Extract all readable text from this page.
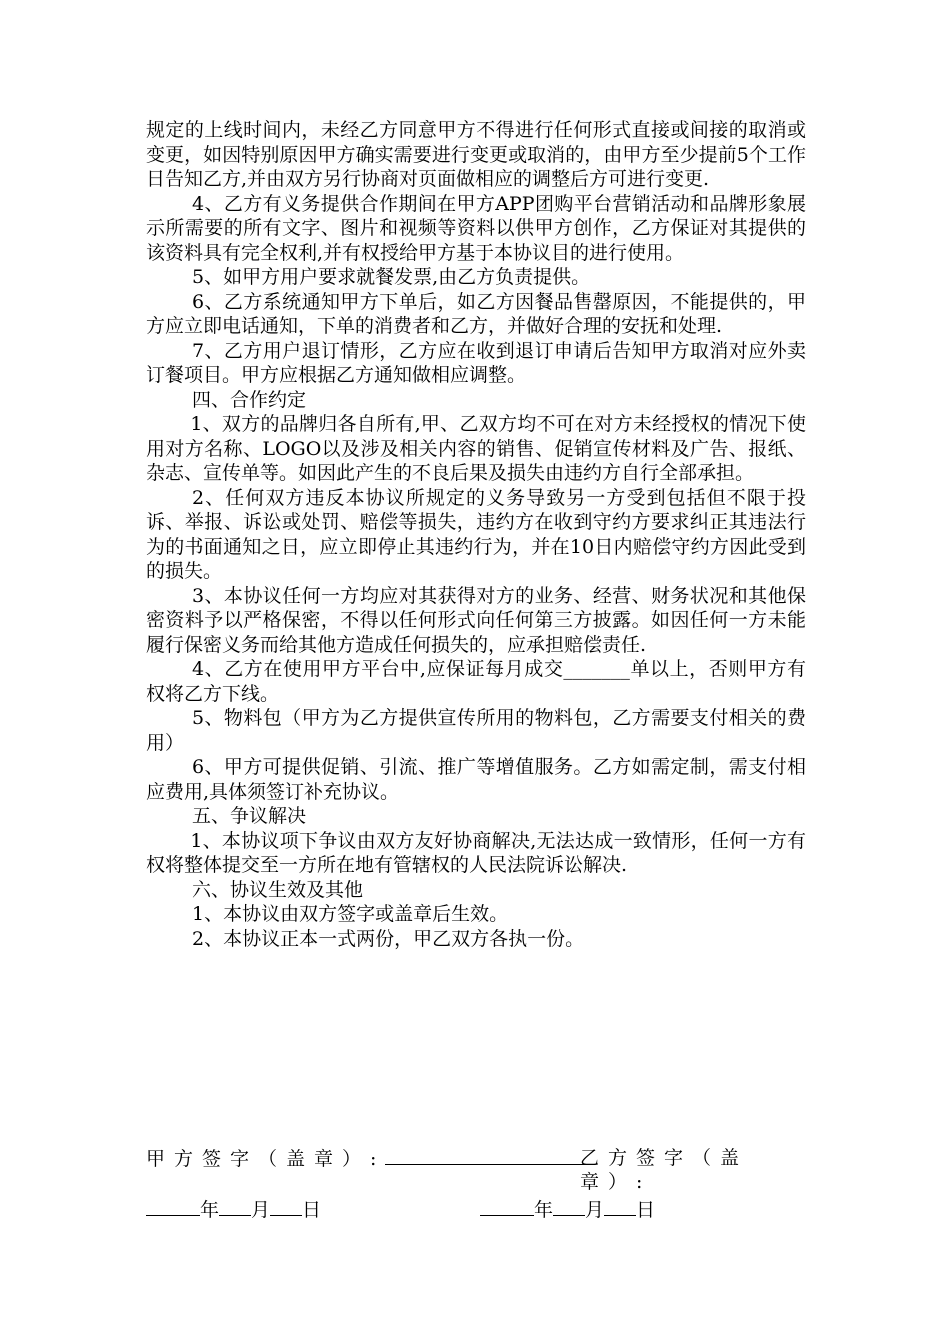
规定的上线时间内，未经乙方同意甲方不得进行任何形式直接或间接的取消或变更，如因特别原因甲方确实需要进行变更或取消的，由甲方至少提前5个工作日告知乙方,并由双方另行协商对页面做相应的调整后方可进行变更.

4、乙方有义务提供合作期间在甲方APP团购平台营销活动和品牌形象展示所需要的所有文字、图片和视频等资料以供甲方创作，乙方保证对其提供的该资料具有完全权利,并有权授给甲方基于本协议目的进行使用。

5、如甲方用户要求就餐发票,由乙方负责提供。

6、乙方系统通知甲方下单后，如乙方因餐品售罄原因，不能提供的，甲方应立即电话通知，下单的消费者和乙方，并做好合理的安抚和处理.

7、乙方用户退订情形，乙方应在收到退订申请后告知甲方取消对应外卖订餐项目。甲方应根据乙方通知做相应调整。

四、合作约定

1、双方的品牌归各自所有,甲、乙双方均不可在对方未经授权的情况下使用对方名称、LOGO以及涉及相关内容的销售、促销宣传材料及广告、报纸、杂志、宣传单等。如因此产生的不良后果及损失由违约方自行全部承担。

2、任何双方违反本协议所规定的义务导致另一方受到包括但不限于投诉、举报、诉讼或处罚、赔偿等损失，违约方在收到守约方要求纠正其违法行为的书面通知之日，应立即停止其违约行为，并在10日内赔偿守约方因此受到的损失。

3、本协议任何一方均应对其获得对方的业务、经营、财务状况和其他保密资料予以严格保密，不得以任何形式向任何第三方披露。如因任何一方未能履行保密义务而给其他方造成任何损失的，应承担赔偿责任.

4、乙方在使用甲方平台中,应保证每月成交_______单以上，否则甲方有权将乙方下线。

5、物料包（甲方为乙方提供宣传所用的物料包，乙方需要支付相关的费用）

6、甲方可提供促销、引流、推广等增值服务。乙方如需定制，需支付相应费用,具体须签订补充协议。

五、争议解决

1、本协议项下争议由双方友好协商解决,无法达成一致情形，任何一方有权将整体提交至一方所在地有管辖权的人民法院诉讼解决.

六、协议生效及其他

1、本协议由双方签字或盖章后生效。

2、本协议正本一式两份，甲乙双方各执一份。

甲方签字（盖章）:	乙方签字（盖章）:
年 月 日	年 月 日
